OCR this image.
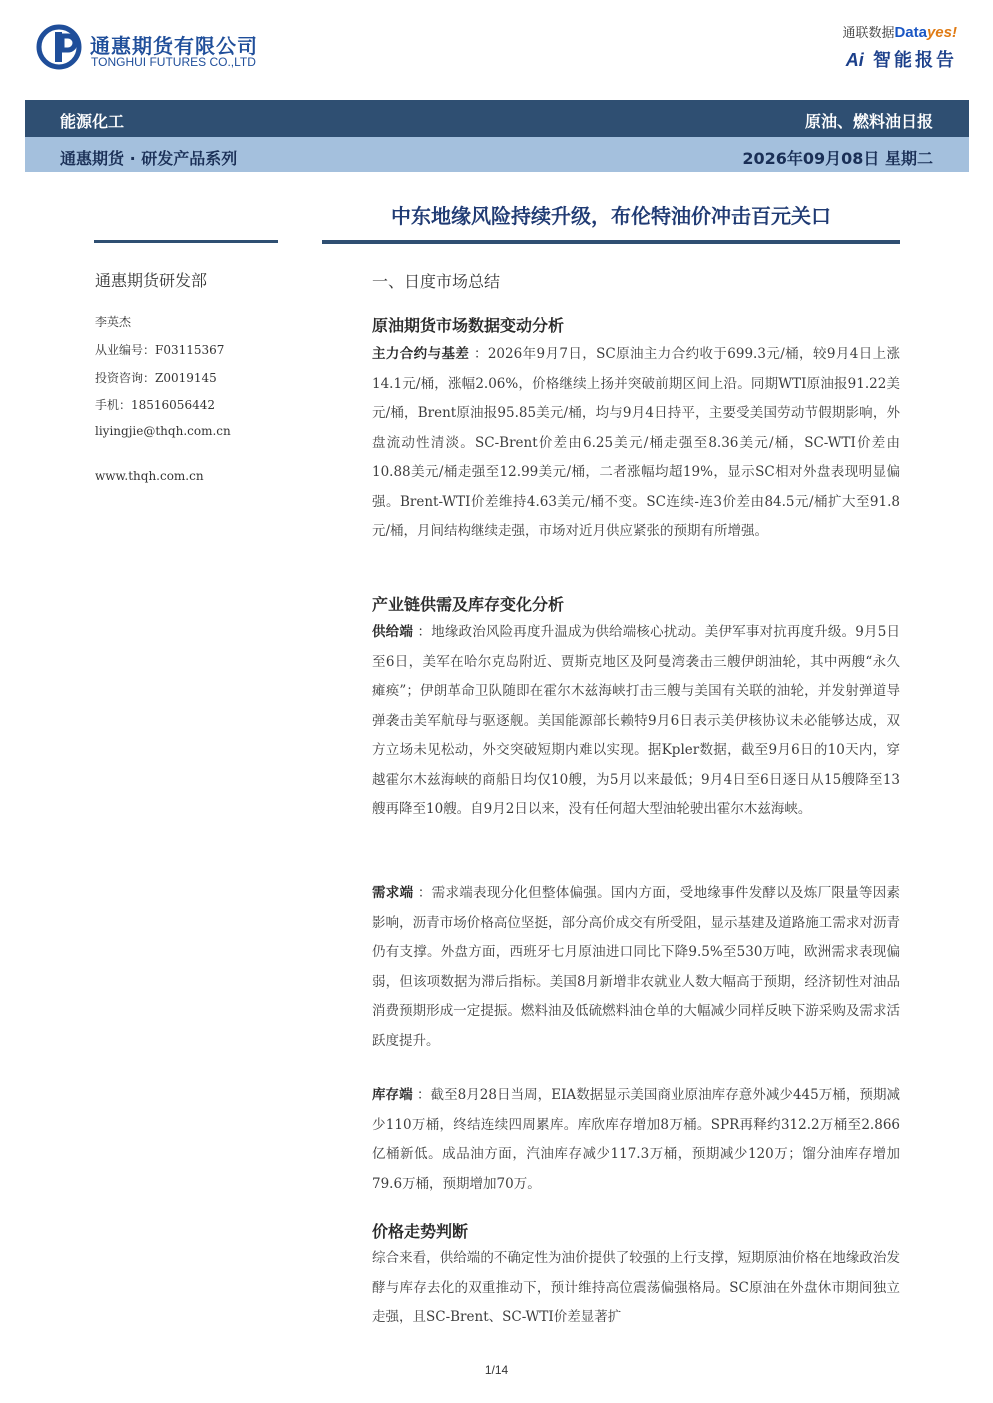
通惠期货有限公司
TONGHUI FUTURES CO.,LTD
通联数据Datayes!
Ai 智能报告
能源化工	原油、燃料油日报
通惠期货 · 研发产品系列	2026年09月08日 星期二
中东地缘风险持续升级，布伦特油价冲击百元关口
通惠期货研发部
李英杰
从业编号：F03115367
投资咨询：Z0019145
手机：18516056442
liyingjie@thqh.com.cn
www.thqh.com.cn
一、日度市场总结
原油期货市场数据变动分析
主力合约与基差 ：2026年9月7日，SC原油主力合约收于699.3元/桶，较9月4日上涨14.1元/桶，涨幅2.06%，价格继续上扬并突破前期区间上沿。同期WTI原油报91.22美元/桶，Brent原油报95.85美元/桶，均与9月4日持平，主要受美国劳动节假期影响，外盘流动性清淡。SC-Brent价差由6.25美元/桶走强至8.36美元/桶，SC-WTI价差由10.88美元/桶走强至12.99美元/桶，二者涨幅均超19%，显示SC相对外盘表现明显偏强。Brent-WTI价差维持4.63美元/桶不变。SC连续-连3价差由84.5元/桶扩大至91.8元/桶，月间结构继续走强，市场对近月供应紧张的预期有所增强。
产业链供需及库存变化分析
供给端 ：地缘政治风险再度升温成为供给端核心扰动。美伊军事对抗再度升级。9月5日至6日，美军在哈尔克岛附近、贾斯克地区及阿曼湾袭击三艘伊朗油轮，其中两艘“永久瘫痪”；伊朗革命卫队随即在霍尔木兹海峡打击三艘与美国有关联的油轮，并发射弹道导弹袭击美军航母与驱逐舰。美国能源部长赖特9月6日表示美伊核协议未必能够达成，双方立场未见松动，外交突破短期内难以实现。据Kpler数据，截至9月6日的10天内，穿越霍尔木兹海峡的商船日均仅10艘，为5月以来最低；9月4日至6日逐日从15艘降至13艘再降至10艘。自9月2日以来，没有任何超大型油轮驶出霍尔木兹海峡。
需求端 ：需求端表现分化但整体偏强。国内方面，受地缘事件发酵以及炼厂限量等因素影响，沥青市场价格高位坚挺，部分高价成交有所受阻，显示基建及道路施工需求对沥青仍有支撑。外盘方面，西班牙七月原油进口同比下降9.5%至530万吨，欧洲需求表现偏弱，但该项数据为滞后指标。美国8月新增非农就业人数大幅高于预期，经济韧性对油品消费预期形成一定提振。燃料油及低硫燃料油仓单的大幅减少同样反映下游采购及需求活跃度提升。
库存端 ：截至8月28日当周，EIA数据显示美国商业原油库存意外减少445万桶，预期减少110万桶，终结连续四周累库。库欣库存增加8万桶。SPR再释约312.2万桶至2.866亿桶新低。成品油方面，汽油库存减少117.3万桶，预期减少120万；馏分油库存增加79.6万桶，预期增加70万。
价格走势判断
综合来看，供给端的不确定性为油价提供了较强的上行支撑，短期原油价格在地缘政治发酵与库存去化的双重推动下，预计维持高位震荡偏强格局。SC原油在外盘休市期间独立走强，且SC-Brent、SC-WTI价差显著扩
1/14
